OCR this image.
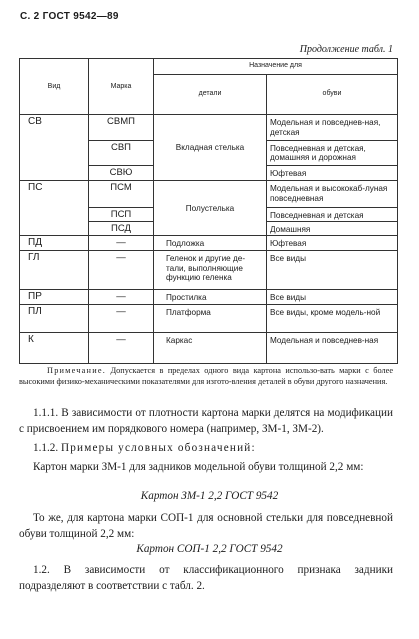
С. 2 ГОСТ 9542—89
Продолжение табл. 1
Вид	Марка	Назначение для	
		детали	обуви
СВ	СВМП	Вкладная стелька	Модельная и повседнев-ная, детская
	СВП		Повседневная и детская, домашняя и дорожная
	СВЮ		Юфтевая
ПС	ПСМ	Полустелька	Модельная и высококаб-луная повседневная
	ПСП		Повседневная и детская
	ПСД		Домашняя
ПД	—	Подложка	Юфтевая
ГЛ	—	Геленок и другие де-тали, выполняющие функцию геленка	Все виды
ПР	—	Простилка	Все виды
ПЛ	—	Платформа	Все виды, кроме модель-ной
К	—	Каркас	Модельная и повседнев-ная
Примечание. Допускается в пределах одного вида картона использо-вать марки с более высокими физико-механическими показателями для изгото-вления деталей в обуви другого назначения.
1.1.1. В зависимости от плотности картона марки делятся на модификации с присвоением им порядкового номера (например, ЗМ-1, ЗМ-2).
1.1.2. Примеры условных обозначений:
Картон марки ЗМ-1 для задников модельной обуви толщиной 2,2 мм:
Картон ЗМ-1 2,2 ГОСТ 9542
То же, для картона марки СОП-1 для основной стельки для повседневной обуви толщиной 2,2 мм:
Картон СОП-1 2,2 ГОСТ 9542
1.2. В зависимости от классификационного признака задники подразделяют в соответствии с табл. 2.
